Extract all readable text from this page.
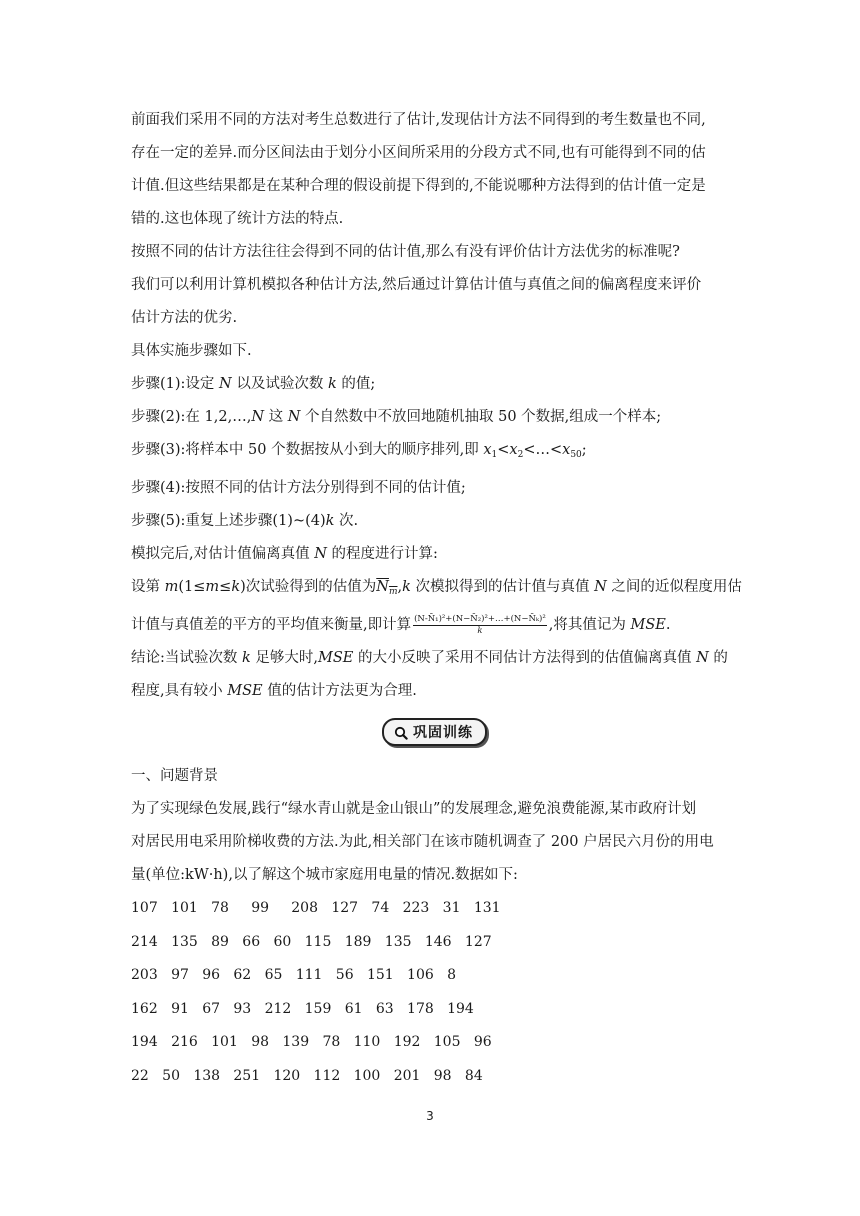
前面我们采用不同的方法对考生总数进行了估计,发现估计方法不同得到的考生数量也不同,

存在一定的差异.而分区间法由于划分小区间所采用的分段方式不同,也有可能得到不同的估

计值.但这些结果都是在某种合理的假设前提下得到的,不能说哪种方法得到的估计值一定是

错的.这也体现了统计方法的特点.

按照不同的估计方法往往会得到不同的估计值,那么有没有评价估计方法优劣的标准呢?

我们可以利用计算机模拟各种估计方法,然后通过计算估计值与真值之间的偏离程度来评价

估计方法的优劣.

具体实施步骤如下.

步骤(1):设定 N 以及试验次数 k 的值;

步骤(2):在 1,2,…,N 这 N 个自然数中不放回地随机抽取 50 个数据,组成一个样本;

步骤(3):将样本中 50 个数据按从小到大的顺序排列,即 $x_1<x_2<\dots<x_{50}$;

步骤(4):按照不同的估计方法分别得到不同的估计值;

步骤(5):重复上述步骤(1)~(4)k 次.

模拟完后,对估计值偏离真值 N 的程度进行计算:

设第 m(1≤m≤k)次试验得到的估值为$N_m,k$ 次模拟得到的估计值与真值 N 之间的近似程度用估

计值与真值差的平方的平均值来衡量,即计算 $\frac{\text{(N-N̄₁)²+(N−N̄₂)²+…+(N−N̄ₖ)²}}{k}$ ,将其值记为 MSE.

结论:当试验次数 k 足够大时,MSE 的大小反映了采用不同估计方法得到的估值偏离真值 N 的

程度,具有较小 MSE 值的估计方法更为合理.

巩固训练

一、问题背景

为了实现绿色发展,践行“绿水青山就是金山银山”的发展理念,避免浪费能源,某市政府计划

对居民用电采用阶梯收费的方法.为此,相关部门在该市随机调查了 200 户居民六月份的用电

量(单位:kW·h),以了解这个城市家庭用电量的情况.数据如下:

107   101   78     99     208   127   74   223   31   131

214   135   89   66   60   115   189   135   146   127

203   97   96   62   65   111   56   151   106   8

162   91   67   93   212   159   61   63   178   194

194   216   101   98   139   78   110   192   105   96

22   50   138   251   120   112   100   201   98   84

3
